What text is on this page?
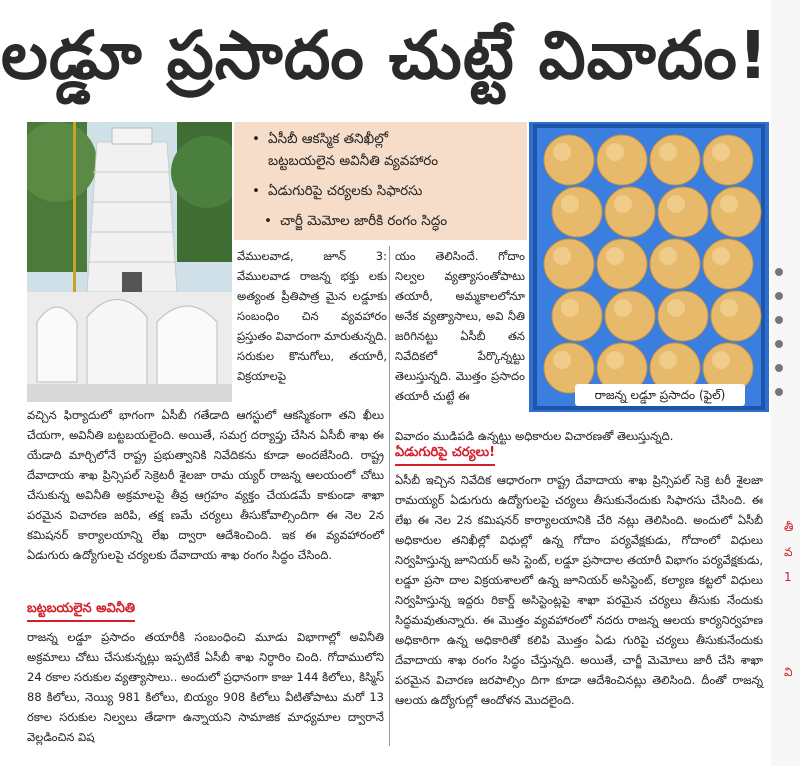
లడ్డూ ప్రసాదం చుట్టే వివాదం!
• ఏసీబీ ఆకస్మిక తనిఖీల్లో
బట్టబయలైన అవినీతి వ్యవహారం
• ఏడుగురిపై చర్యలకు సిఫారసు
• చార్జీ మెమోల జారీకి రంగం సిద్ధం
రాజన్న లడ్డూ ప్రసాదం (ఫైల్)
వేములవాడ, జూన్ 3: వేములవాడ రాజన్న భక్తు లకు అత్యంత ప్రీతిపాత్ర మైన లడ్డూకు సంబంధిం చిన వ్యవహారం ప్రస్తుతం వివాదంగా మారుతున్నది. సరుకుల కొనుగోలు, తయారీ, విక్రయాలపై
వచ్చిన ఫిర్యాదులో భాగంగా ఏసీబీ గతేడాది ఆగస్టులో ఆకస్మికంగా తని ఖీలు చేయగా, అవినీతి బట్టబయలైంది. అయితే, సమగ్ర దర్యాప్తు చేసిన ఏసీబీ శాఖ ఈ యేడాది మార్చిలోనే రాష్ట్ర ప్రభుత్వానికి నివేదికను కూడా అందజేసింది. రాష్ట్ర దేవాదాయ శాఖ ప్రిన్సిపల్ సెక్రెటరీ శైలజా రామ య్యర్ రాజన్న ఆలయంలో చోటు చేసుకున్న అవినీతి అక్రమాలపై తీవ్ర ఆగ్రహం వ్యక్తం చేయడమే కాకుండా శాఖా పరమైన విచారణ జరిపి, తక్ష ణమే చర్యలు తీసుకోవాల్సిందిగా ఈ నెల 2న కమిషనర్ కార్యాలయాన్ని లేఖ ద్వారా ఆదేశించింది. ఇక ఈ వ్యవహారంలో ఏడుగురు ఉద్యోగులపై చర్యలకు దేవాదాయ శాఖ రంగం సిద్ధం చేసింది.
బట్టబయలైన అవినీతి
రాజన్న లడ్డూ ప్రసాదం తయారీకి సంబంధించి మూడు విభాగాల్లో అవినీతి అక్రమాలు చోటు చేసుకున్నట్లు ఇప్పటికే ఏసీబీ శాఖ నిర్ధారిం చింది. గోదాములోని 24 రకాల సరుకుల వ్యత్యాసాలు.. అందులో ప్రధానంగా కాజు 144 కిలోలు, కిస్మిస్ 88 కిలోలు, నెయ్యి 981 కిలోలు, బియ్యం 908 కిలోలు వీటితోపాటు మరో 13 రకాల సరుకుల నిల్వలు తేడాగా ఉన్నాయని సామాజిక మాధ్యమాల ద్వారానే వెల్లడించిన విష
యం తెలిసిందే. గోదాం నిల్వల వ్యత్యాసంతోపాటు తయారీ, అమ్మకాలలోనూ అనేక వ్యత్యాసాలు, అవి నీతి జరిగినట్టు ఏసీబీ తన నివేదికలో పేర్కొన్నట్టు తెలుస్తున్నది. మొత్తం ప్రసాదం తయారీ చుట్టే ఈ
వివాదం ముడిపడి ఉన్నట్టు అధికారుల విచారణతో తెలుస్తున్నది.
ఏడుగురిపై చర్యలు!
ఏసీబీ ఇచ్చిన నివేదిక ఆధారంగా రాష్ట్ర దేవాదాయ శాఖ ప్రిన్సిపల్ సెక్రె టరీ శైలజా రామయ్యర్ ఏడుగురు ఉద్యోగులపై చర్యలు తీసుకునేందుకు సిఫారసు చేసింది. ఈ లేఖ ఈ నెల 2న కమిషనర్ కార్యాలయానికి చేరి నట్లు తెలిసింది. అందులో ఏసీబీ అధికారుల తనిఖీల్లో విధుల్లో ఉన్న గోదాం పర్యవేక్షకుడు, గోదాంలో విధులు నిర్వహిస్తున్న జూనియర్ అసి స్టెంట్, లడ్డూ ప్రసాదాల తయారీ విభాగం పర్యవేక్షకుడు, లడ్డూ ప్రసా దాల విక్రయశాలలో ఉన్న జూనియర్ అసిస్టెంట్, కల్యాణ కట్టలో విధులు నిర్వహిస్తున్న ఇద్దరు రికార్డ్ అసిస్టెంట్లపై శాఖా పరమైన చర్యలు తీసుకు నేందుకు సిద్ధమవుతున్నారు. ఈ మొత్తం వ్యవహారంలో నదరు రాజన్న ఆలయ కార్యనిర్వహణ అధికారిగా ఉన్న అధికారితో కలిపి మొత్తం ఏడు గురిపై చర్యలు తీసుకునేందుకు దేవాదాయ శాఖ రంగం సిద్ధం చేస్తున్నది. అయితే, చార్జీ మెమోలు జారీ చేసి శాఖా పరమైన విచారణ జరపాల్సిం దిగా కూడా ఆదేశించినట్లు తెలిసింది. దీంతో రాజన్న ఆలయ ఉద్యోగుల్లో ఆందోళన మొదలైంది.
తీ
వ
1
వి
